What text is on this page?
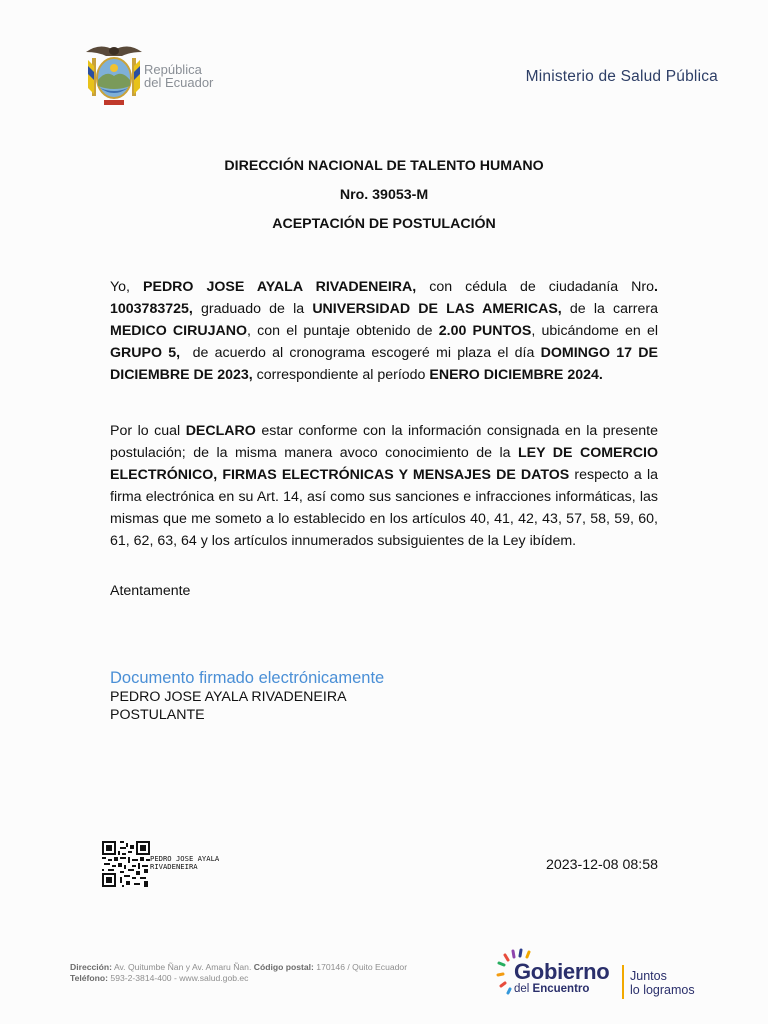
República
del Ecuador	Ministerio de Salud Pública
DIRECCIÓN NACIONAL DE TALENTO HUMANO
Nro. 39053-M
ACEPTACIÓN DE POSTULACIÓN
Yo, PEDRO JOSE AYALA RIVADENEIRA, con cédula de ciudadanía Nro. 1003783725, graduado de la UNIVERSIDAD DE LAS AMERICAS, de la carrera MEDICO CIRUJANO, con el puntaje obtenido de 2.00 PUNTOS, ubicándome en el GRUPO 5,  de acuerdo al cronograma escogeré mi plaza el día DOMINGO 17 DE DICIEMBRE DE 2023, correspondiente al período ENERO DICIEMBRE 2024.
Por lo cual DECLARO estar conforme con la información consignada en la presente postulación; de la misma manera avoco conocimiento de la LEY DE COMERCIO ELECTRÓNICO, FIRMAS ELECTRÓNICAS Y MENSAJES DE DATOS respecto a la firma electrónica en su Art. 14, así como sus sanciones e infracciones informáticas, las mismas que me someto a lo establecido en los artículos 40, 41, 42, 43, 57, 58, 59, 60, 61, 62, 63, 64 y los artículos innumerados subsiguientes de la Ley ibídem.
Atentamente
Documento firmado electrónicamente
PEDRO JOSE AYALA RIVADENEIRA
POSTULANTE
PEDRO JOSE AYALA
RIVADENEIRA	2023-12-08 08:58
Dirección: Av. Quitumbe Ñan y Av. Amaru Ñan. Código postal: 170146 / Quito Ecuador
Teléfono: 593-2-3814-400 - www.salud.gob.ec	Gobierno
del Encuentro
Juntos
lo logramos
